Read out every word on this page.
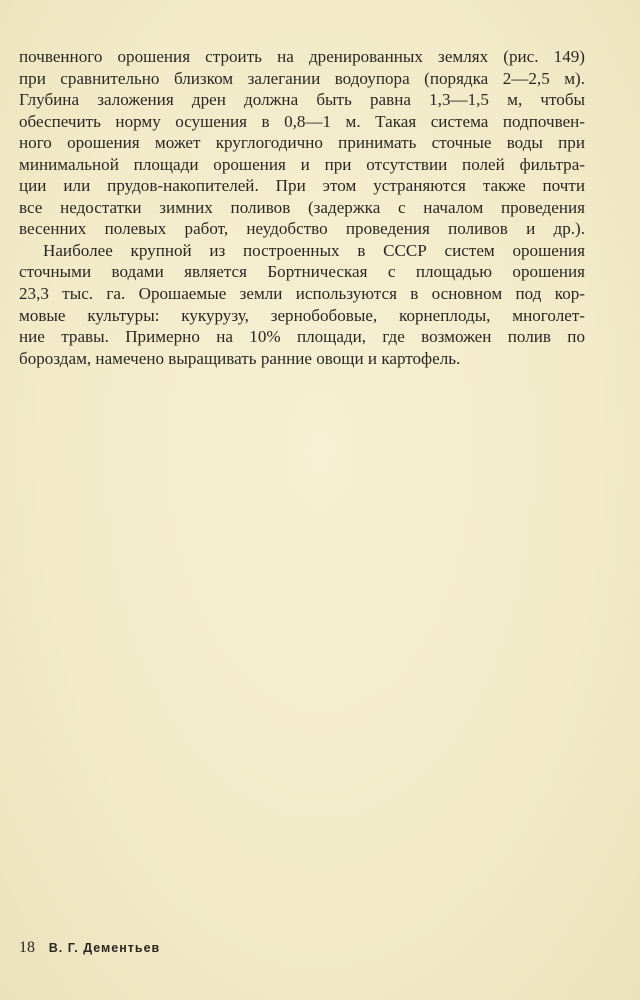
почвенного орошения строить на дренированных землях (рис. 149)
при сравнительно близком залегании водоупора (порядка 2—2,5 м).
Глубина заложения дрен должна быть равна 1,3—1,5 м, чтобы
обеспечить норму осушения в 0,8—1 м. Такая система подпочвен-
ного орошения может круглогодично принимать сточные воды при
минимальной площади орошения и при отсутствии полей фильтра-
ции или прудов-накопителей. При этом устраняются также почти
все недостатки зимних поливов (задержка с началом проведения
весенних полевых работ, неудобство проведения поливов и др.).
Наиболее крупной из построенных в СССР систем орошения
сточными водами является Бортническая с площадью орошения
23,3 тыс. га. Орошаемые земли используются в основном под кор-
мовые культуры: кукурузу, зернобобовые, корнеплоды, многолет-
ние травы. Примерно на 10% площади, где возможен полив по
бороздам, намечено выращивать ранние овощи и картофель.
18 В. Г. Дементьев
